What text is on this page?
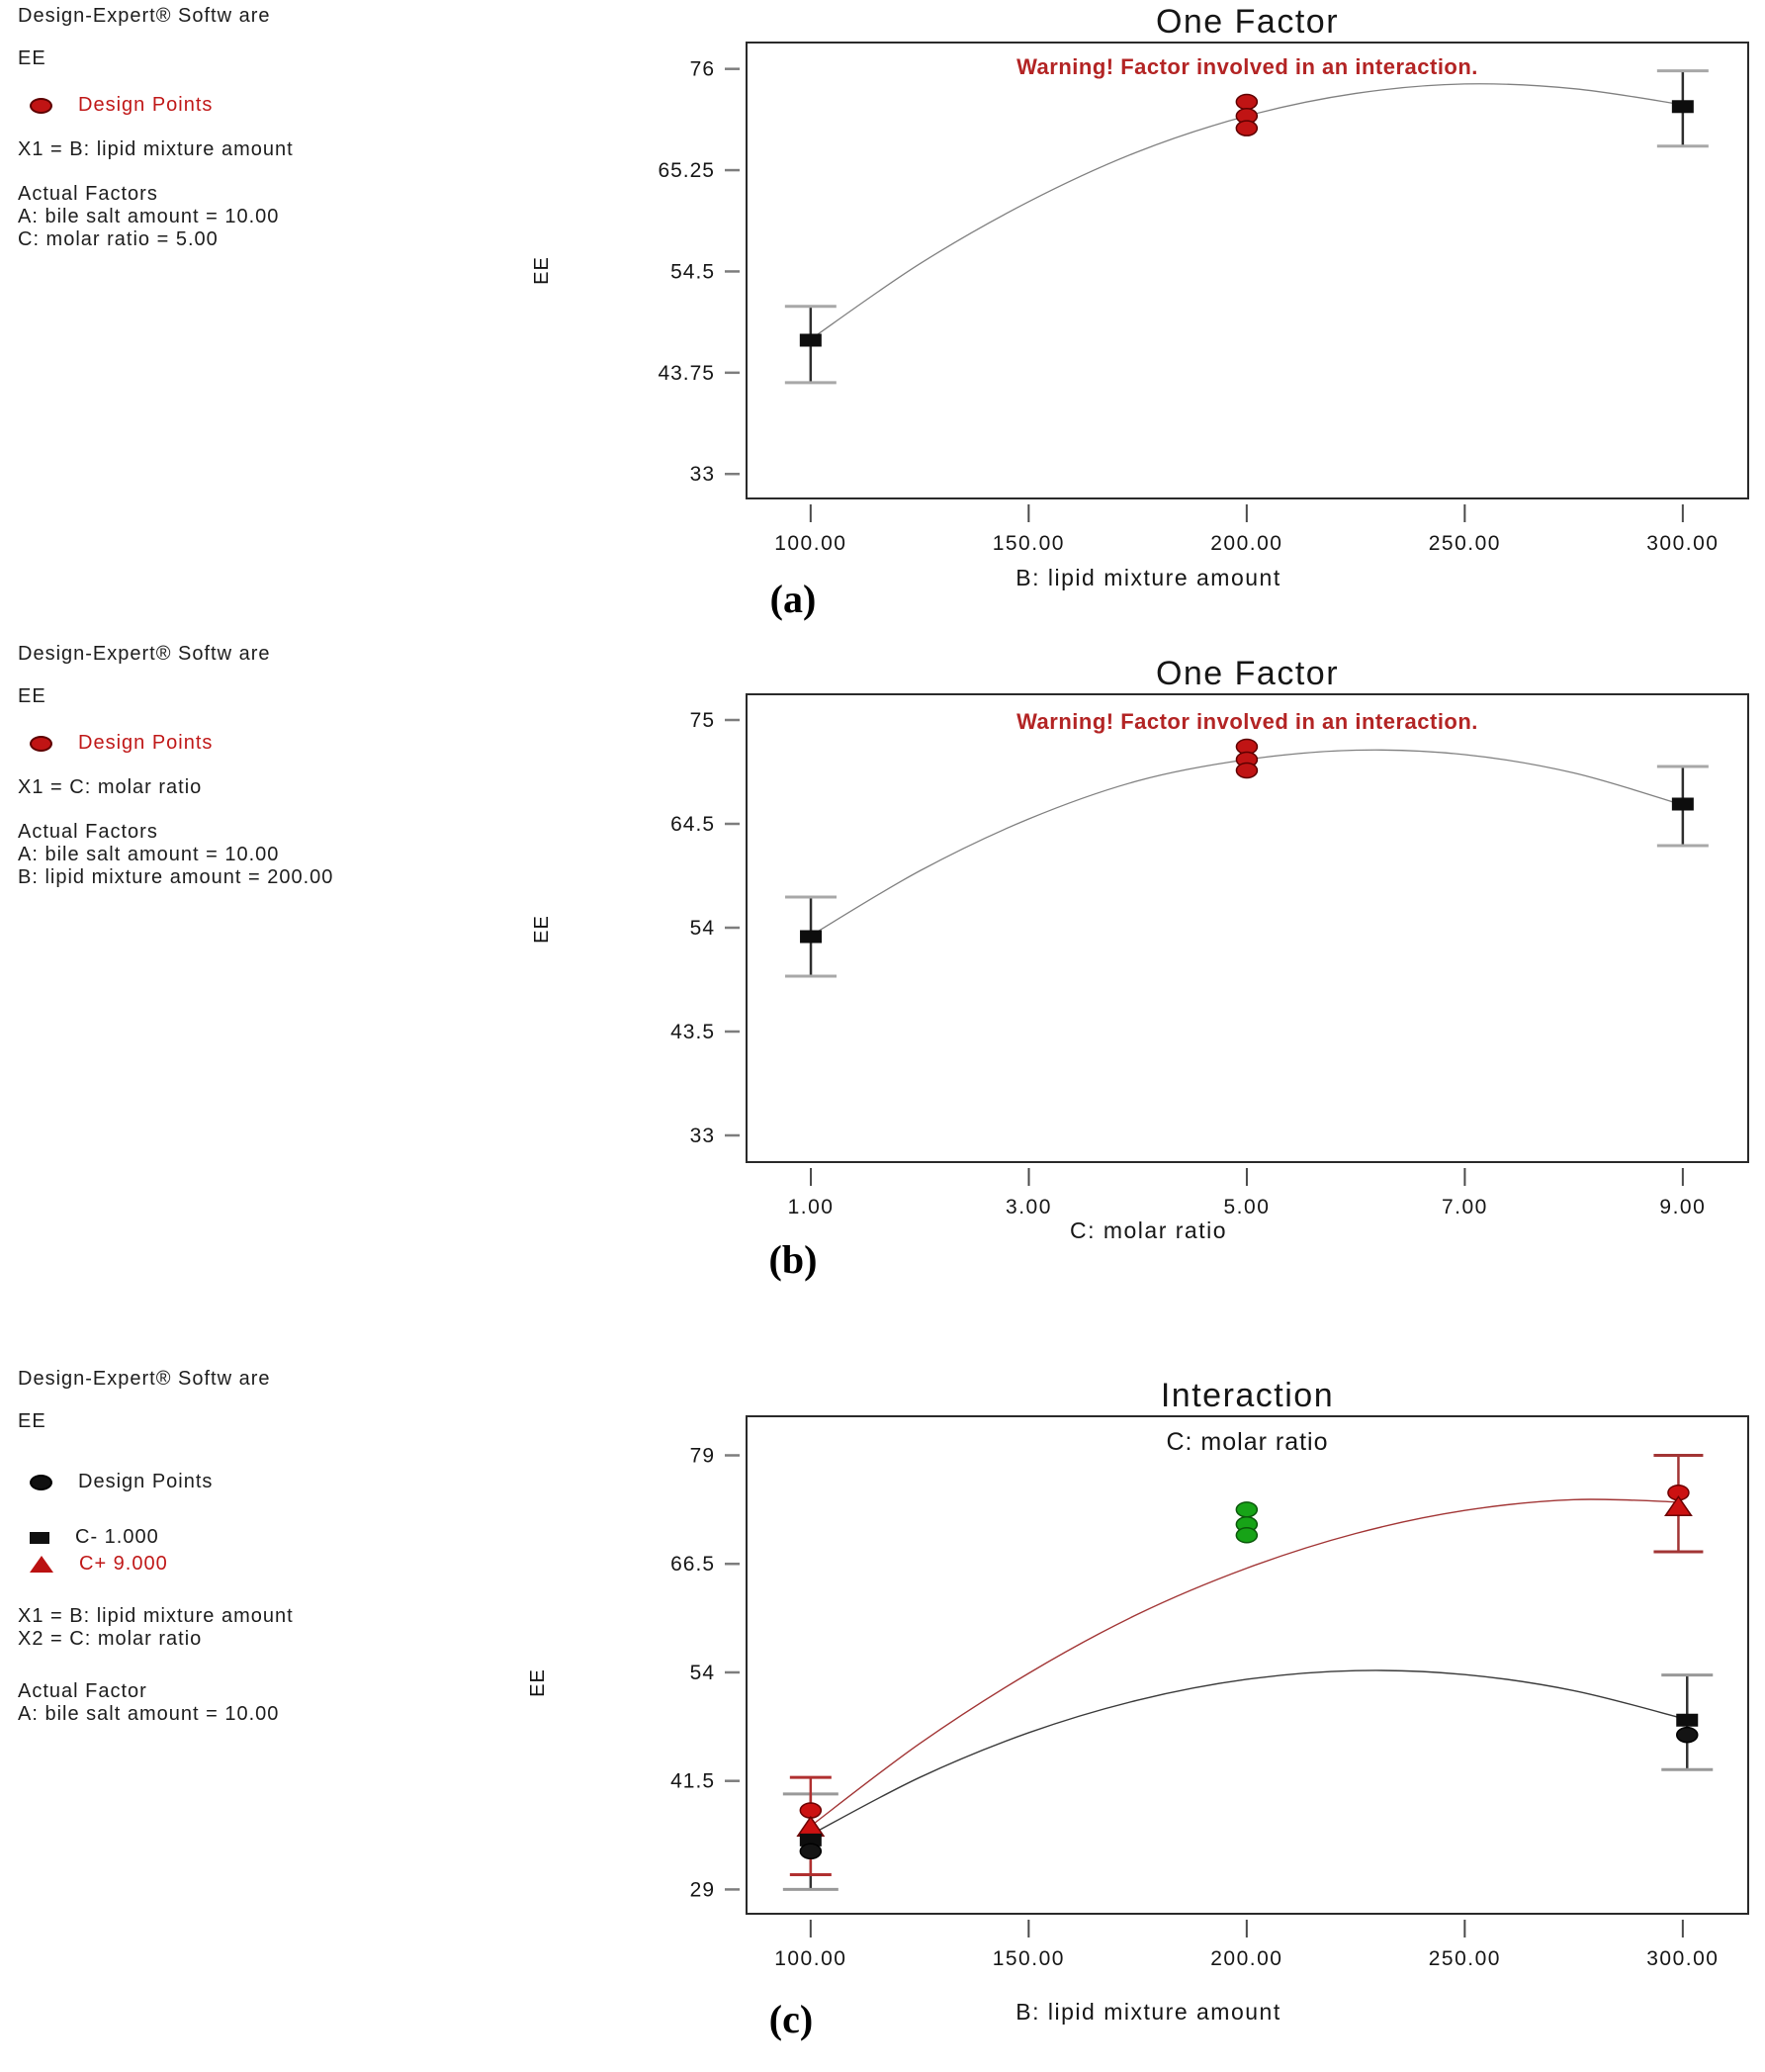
One Factor
Warning! Factor involved in an interaction.
76
65.25
54.5
43.75
33
100.00	150.00	200.00	250.00	300.00
B: lipid mixture amount
One Factor
Warning! Factor involved in an interaction.
75
64.5
54
43.5
33
1.00	3.00	5.00	7.00	9.00
C: molar ratio
Interaction
C: molar ratio
79
66.5
54
41.5
29
100.00	150.00	200.00	250.00	300.00
B: lipid mixture amount
Design-Expert® Softw are
EE
Design Points
X1 = B: lipid mixture amount
Actual Factors
A: bile salt amount = 10.00
C: molar ratio = 5.00
Design-Expert® Softw are
EE
Design Points
X1 = C: molar ratio
Actual Factors
A: bile salt amount = 10.00
B: lipid mixture amount = 200.00
Design-Expert® Softw are
EE
Design Points
C- 1.000
C+ 9.000
X1 = B: lipid mixture amount
X2 = C: molar ratio
Actual Factor
A: bile salt amount = 10.00
EE
EE
EE
(a)
(b)
(c)
